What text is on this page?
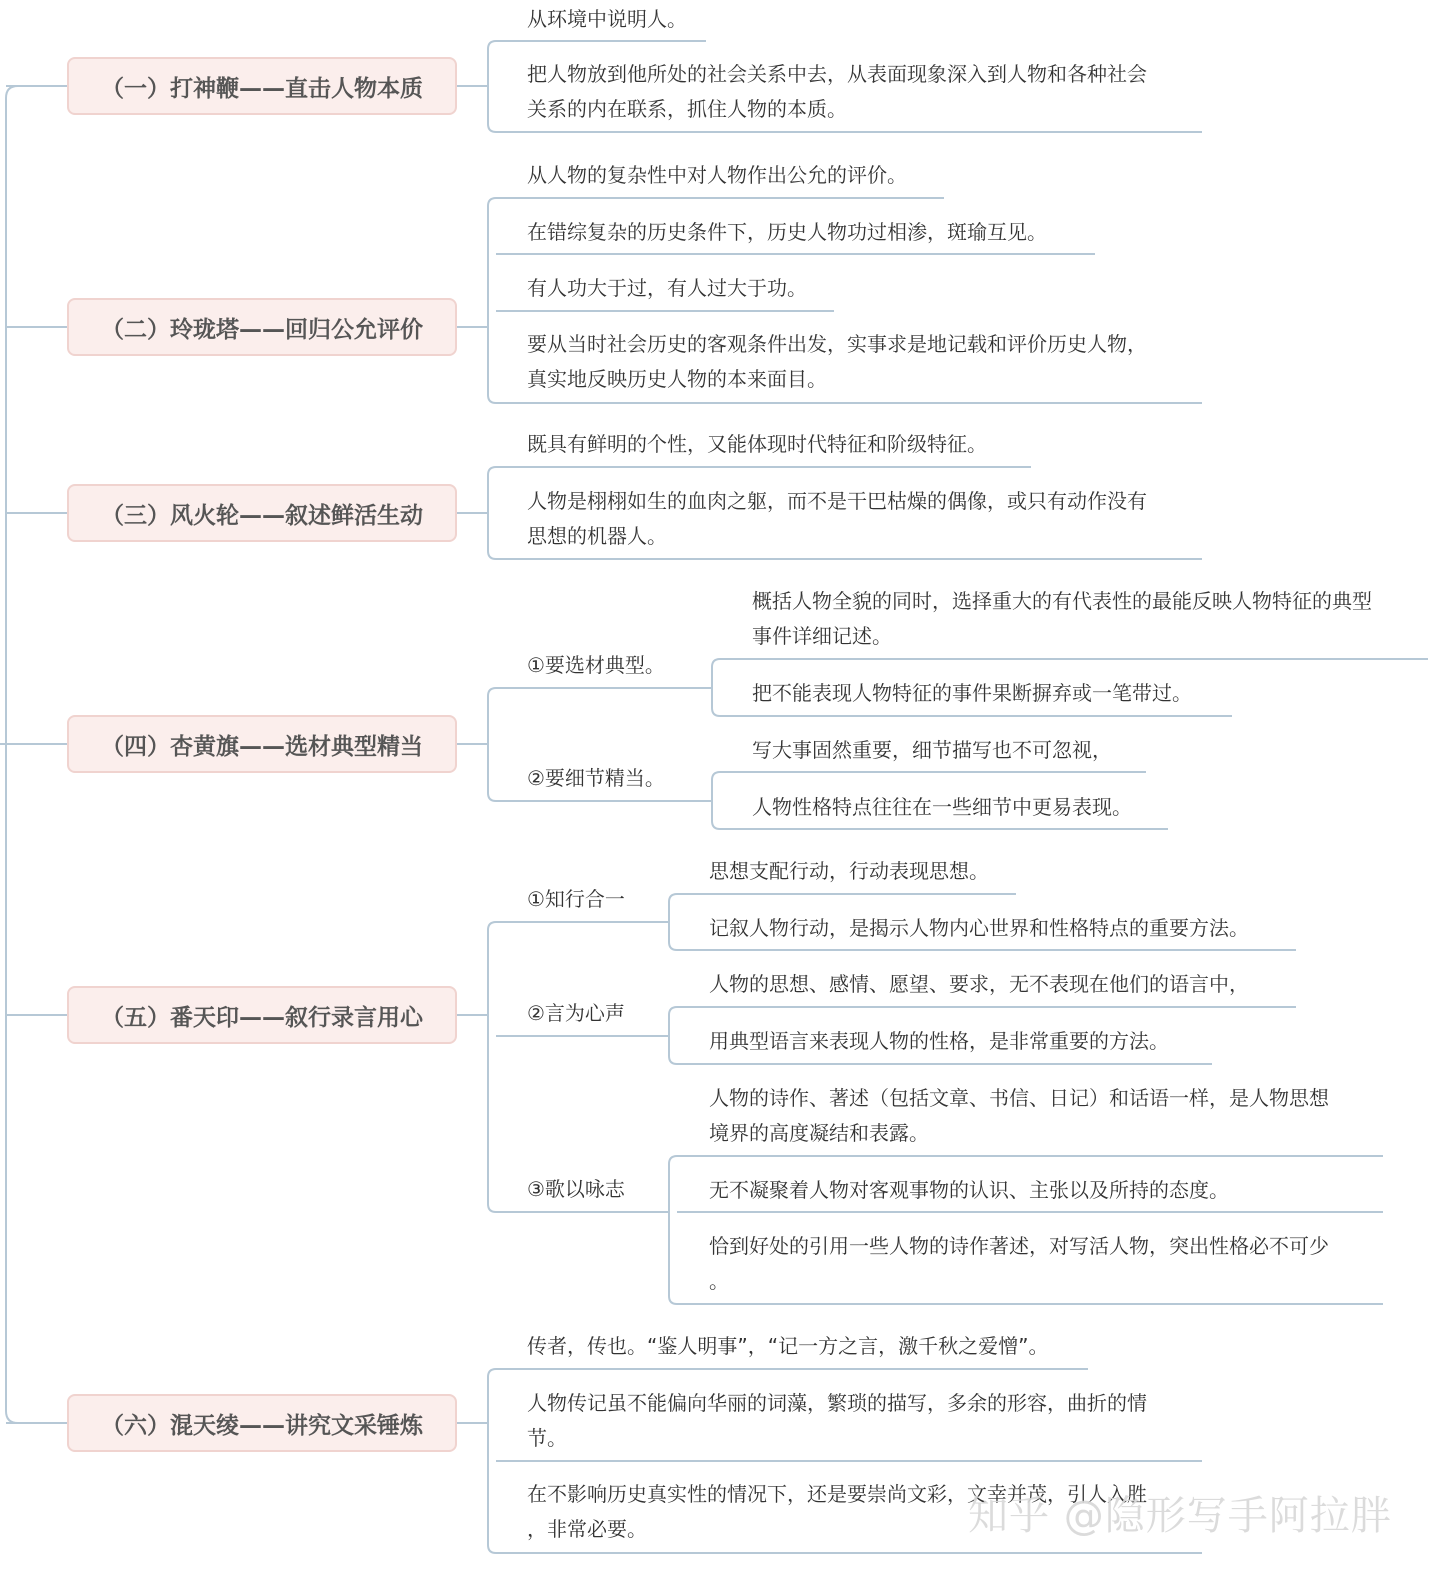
（一）打神鞭——直击人物本质
从环境中说明人。
把人物放到他所处的社会关系中去，从表面现象深入到人物和各种社会
关系的内在联系，抓住人物的本质。
（二）玲珑塔——回归公允评价
从人物的复杂性中对人物作出公允的评价。
在错综复杂的历史条件下，历史人物功过相渗，斑瑜互见。
有人功大于过，有人过大于功。
要从当时社会历史的客观条件出发，实事求是地记载和评价历史人物，
真实地反映历史人物的本来面目。
（三）风火轮——叙述鲜活生动
既具有鲜明的个性，又能体现时代特征和阶级特征。
人物是栩栩如生的血肉之躯，而不是干巴枯燥的偶像，或只有动作没有
思想的机器人。
（四）杏黄旗——选材典型精当
①要选材典型。
概括人物全貌的同时，选择重大的有代表性的最能反映人物特征的典型
事件详细记述。
把不能表现人物特征的事件果断摒弃或一笔带过。
②要细节精当。
写大事固然重要，细节描写也不可忽视，
人物性格特点往往在一些细节中更易表现。
（五）番天印——叙行录言用心
①知行合一
思想支配行动，行动表现思想。
记叙人物行动，是揭示人物内心世界和性格特点的重要方法。
②言为心声
人物的思想、感情、愿望、要求，无不表现在他们的语言中，
用典型语言来表现人物的性格，是非常重要的方法。
③歌以咏志
人物的诗作、著述（包括文章、书信、日记）和话语一样，是人物思想
境界的高度凝结和表露。
无不凝聚着人物对客观事物的认识、主张以及所持的态度。
恰到好处的引用一些人物的诗作著述，对写活人物，突出性格必不可少
。
（六）混天绫——讲究文采锤炼
传者，传也。“鉴人明事”，“记一方之言，激千秋之爱憎”。
人物传记虽不能偏向华丽的词藻，繁琐的描写，多余的形容，曲折的情
节。
在不影响历史真实性的情况下，还是要崇尚文彩，文幸并茂，引人入胜
，非常必要。	知乎 @隐形写手阿拉胖
